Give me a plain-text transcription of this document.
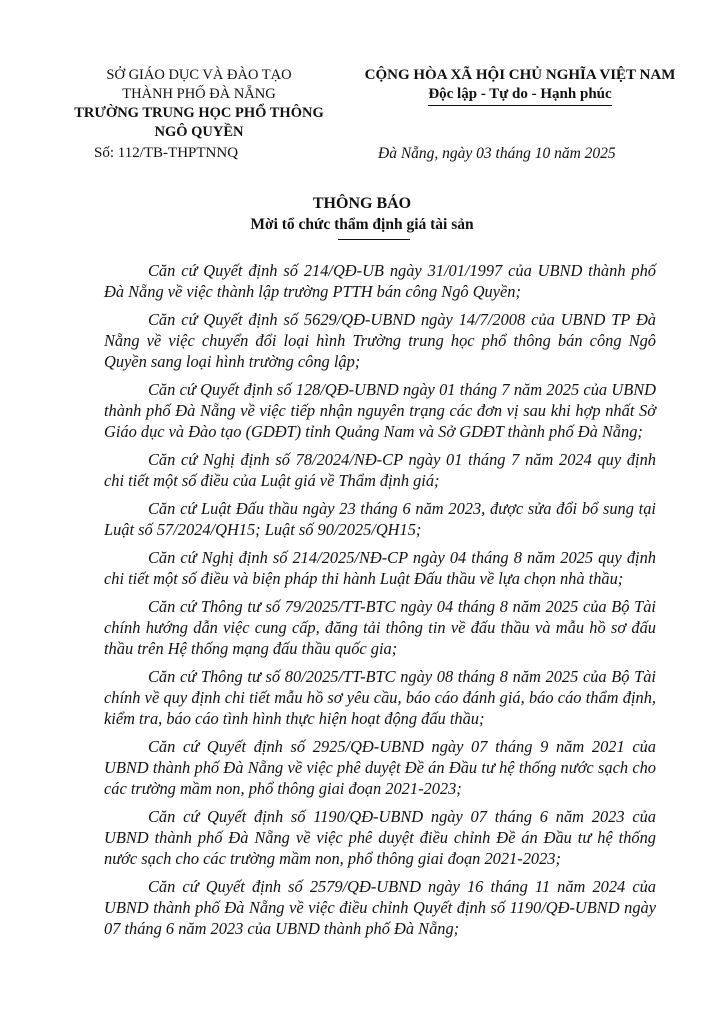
SỞ GIÁO DỤC VÀ ĐÀO TẠO
THÀNH PHỐ ĐÀ NẴNG
TRƯỜNG TRUNG HỌC PHỔ THÔNG
NGÔ QUYỀN
CỘNG HÒA XÃ HỘI CHỦ NGHĨA VIỆT NAM
Độc lập - Tự do - Hạnh phúc
Số: 112/TB-THPTNNQ	Đà Nẵng, ngày 03 tháng 10 năm 2025
THÔNG BÁO
Mời tổ chức thẩm định giá tài sản

Căn cứ Quyết định số 214/QĐ-UB ngày 31/01/1997 của UBND thành phố Đà Nẵng về việc thành lập trường PTTH bán công Ngô Quyền;

Căn cứ Quyết định số 5629/QĐ-UBND ngày 14/7/2008 của UBND TP Đà Nẵng về việc chuyển đổi loại hình Trường trung học phổ thông bán công Ngô Quyền sang loại hình trường công lập;

Căn cứ Quyết định số 128/QĐ-UBND ngày 01 tháng 7 năm 2025 của UBND thành phố Đà Nẵng về việc tiếp nhận nguyên trạng các đơn vị sau khi hợp nhất Sở Giáo dục và Đào tạo (GDĐT) tỉnh Quảng Nam và Sở GDĐT thành phố Đà Nẵng;

Căn cứ Nghị định số 78/2024/NĐ-CP ngày 01 tháng 7 năm 2024 quy định chi tiết một số điều của Luật giá về Thẩm định giá;

Căn cứ Luật Đấu thầu ngày 23 tháng 6 năm 2023, được sửa đổi bổ sung tại Luật số 57/2024/QH15; Luật số 90/2025/QH15;

Căn cứ Nghị định số 214/2025/NĐ-CP ngày 04 tháng 8 năm 2025 quy định chi tiết một số điều và biện pháp thi hành Luật Đấu thầu về lựa chọn nhà thầu;

Căn cứ Thông tư số 79/2025/TT-BTC ngày 04 tháng 8 năm 2025 của Bộ Tài chính hướng dẫn việc cung cấp, đăng tải thông tin về đấu thầu và mẫu hồ sơ đấu thầu trên Hệ thống mạng đấu thầu quốc gia;

Căn cứ Thông tư số 80/2025/TT-BTC ngày 08 tháng 8 năm 2025 của Bộ Tài chính về quy định chi tiết mẫu hồ sơ yêu cầu, báo cáo đánh giá, báo cáo thẩm định, kiểm tra, báo cáo tình hình thực hiện hoạt động đấu thầu;

Căn cứ Quyết định số 2925/QĐ-UBND ngày 07 tháng 9 năm 2021 của UBND thành phố Đà Nẵng về việc phê duyệt Đề án Đầu tư hệ thống nước sạch cho các trường mầm non, phổ thông giai đoạn 2021-2023;

Căn cứ Quyết định số 1190/QĐ-UBND ngày 07 tháng 6 năm 2023 của UBND thành phố Đà Nẵng về việc phê duyệt điều chỉnh Đề án Đầu tư hệ thống nước sạch cho các trường mầm non, phổ thông giai đoạn 2021-2023;

Căn cứ Quyết định số 2579/QĐ-UBND ngày 16 tháng 11 năm 2024 của UBND thành phố Đà Nẵng về việc điều chỉnh Quyết định số 1190/QĐ-UBND ngày 07 tháng 6 năm 2023 của UBND thành phố Đà Nẵng;
